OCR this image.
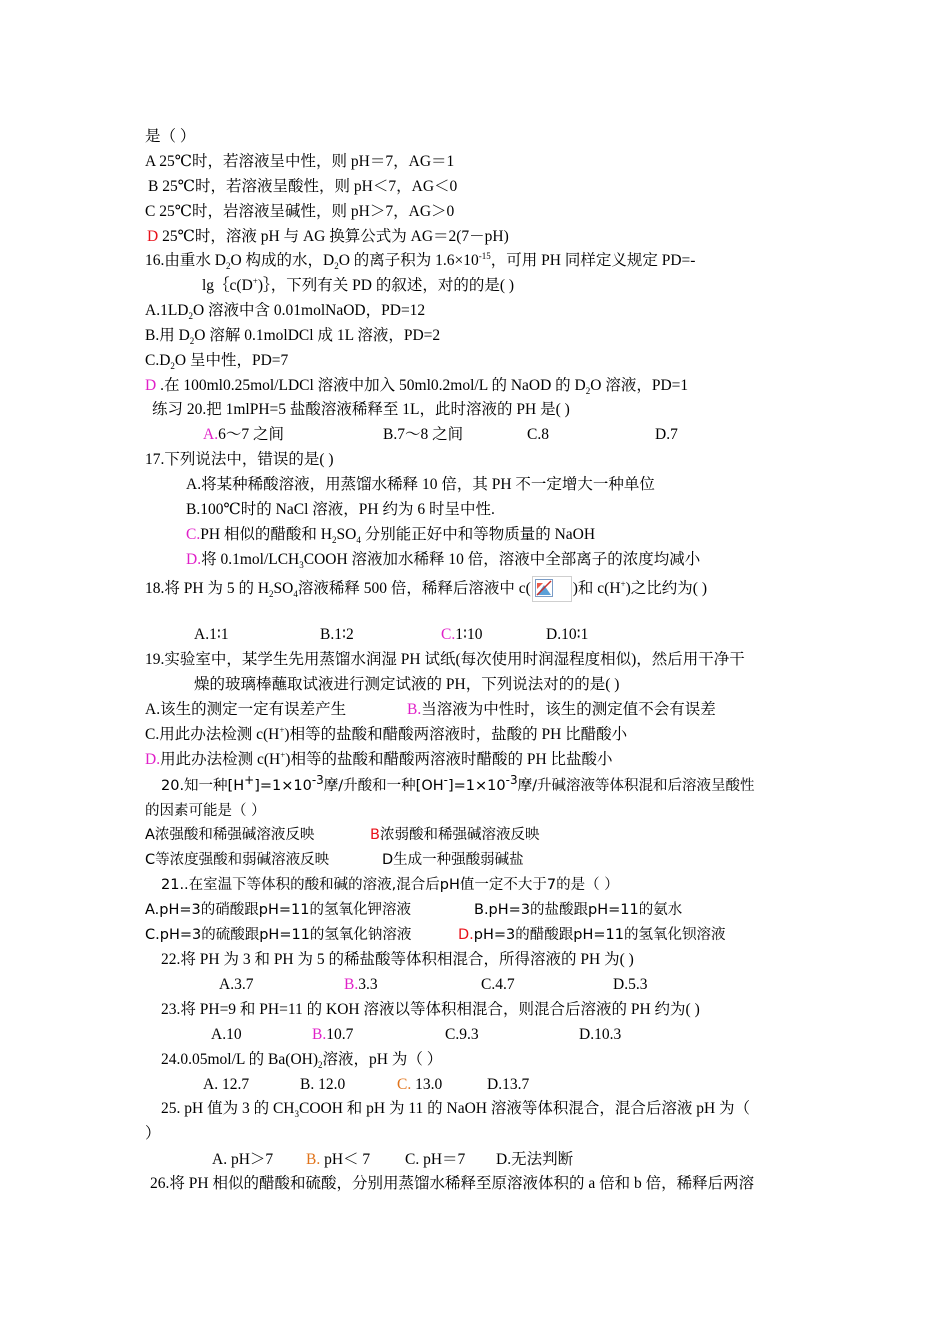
是（ ）
A 25℃时，若溶液呈中性，则 pH＝7，AG＝1
B 25℃时，若溶液呈酸性，则 pH＜7，AG＜0
C 25℃时，岩溶液呈碱性，则 pH＞7，AG＞0
D 25℃时，溶液 pH 与 AG 换算公式为 AG＝2(7－pH)
16.由重水 $D_2O$ 构成的水，$D_2O$ 的离子积为 $1.6\times 10^{-15}$，可用 PH 同样定义规定 PD=-
lg｛c(D+)｝，下列有关 PD 的叙述，对的的是( )
$A.1LD_2O$ 溶液中含 0.01molNaOD，PD=12
B.用 $D_2O$ 溶解 0.1molDCl 成 1L 溶液，PD=2
$C.D_2O$ 呈中性，PD=7
D .在 100ml0.25mol/LDCl 溶液中加入 50ml0.2mol/L 的 NaOD 的 $D_2O$ 溶液，PD=1
练习 20.把 1mlPH=5 盐酸溶液稀释至 1L，此时溶液的 PH 是( )
A.6～7 之间	B.7～8 之间	C.8	D.7
17.下列说法中，错误的是( )
A.将某种稀酸溶液，用蒸馏水稀释 10 倍，其 PH 不一定增大一种单位
B.100℃时的 NaCl 溶液，PH 约为 6 时呈中性.
C.PH 相似的醋酸和 $H_2SO_4$ 分别能正好中和等物质量的 NaOH
D.将 $0.1mol/LCH_3COOH$ 溶液加水稀释 10 倍，溶液中全部离子的浓度均减小
18.将 PH 为 5 的 $H_2SO_4$溶液稀释 500 倍，稀释后溶液中 c(	)和 c(H+)之比约为( )
A.1∶1	B.1∶2	C.1∶10	D.10∶1
19.实验室中，某学生先用蒸馏水润湿 PH 试纸(每次使用时润湿程度相似)，然后用干净干
燥的玻璃棒蘸取试液进行测定试液的 PH，下列说法对的的是( )
A.该生的测定一定有误差产生	B.当溶液为中性时，该生的测定值不会有误差
C.用此办法检测 c(H+)相等的盐酸和醋酸两溶液时，盐酸的 PH 比醋酸小
D.用此办法检测 c(H+)相等的盐酸和醋酸两溶液时醋酸的 PH 比盐酸小
20.知一种$[H^+]=1\times 10^{-3}$摩/升酸和一种$[OH^-]=1\times 10^{-3}$摩/升碱溶液等体积混和后溶液呈酸性
的因素可能是（ ）
A浓强酸和稀强碱溶液反映	B浓弱酸和稀强碱溶液反映
C等浓度强酸和弱碱溶液反映	D生成一种强酸弱碱盐
21..在室温下等体积的酸和碱的溶液,混合后pH值一定不大于7的是（ ）
A.pH=3的硝酸跟pH=11的氢氧化钾溶液	B.pH=3的盐酸跟pH=11的氨水
C.pH=3的硫酸跟pH=11的氢氧化钠溶液	D.pH=3的醋酸跟pH=11的氢氧化钡溶液
22.将 PH 为 3 和 PH 为 5 的稀盐酸等体积相混合，所得溶液的 PH 为( )
A.3.7	B.3.3	C.4.7	D.5.3
23.将 PH=9 和 PH=11 的 KOH 溶液以等体积相混合，则混合后溶液的 PH 约为( )
A.10	B.10.7	C.9.3	D.10.3
24.0.05mol/L 的 $Ba(OH)_2$溶液，pH 为（ ）
A. 12.7	B. 12.0	C. 13.0	D.13.7
25. pH 值为 3 的 $CH_3COOH$ 和 pH 为 11 的 NaOH 溶液等体积混合，混合后溶液 pH 为（
）
A. pH＞7 B. pH＜ 7 C. pH＝7 D.无法判断
26.将 PH 相似的醋酸和硫酸，分别用蒸馏水稀释至原溶液体积的 a 倍和 b 倍，稀释后两溶
